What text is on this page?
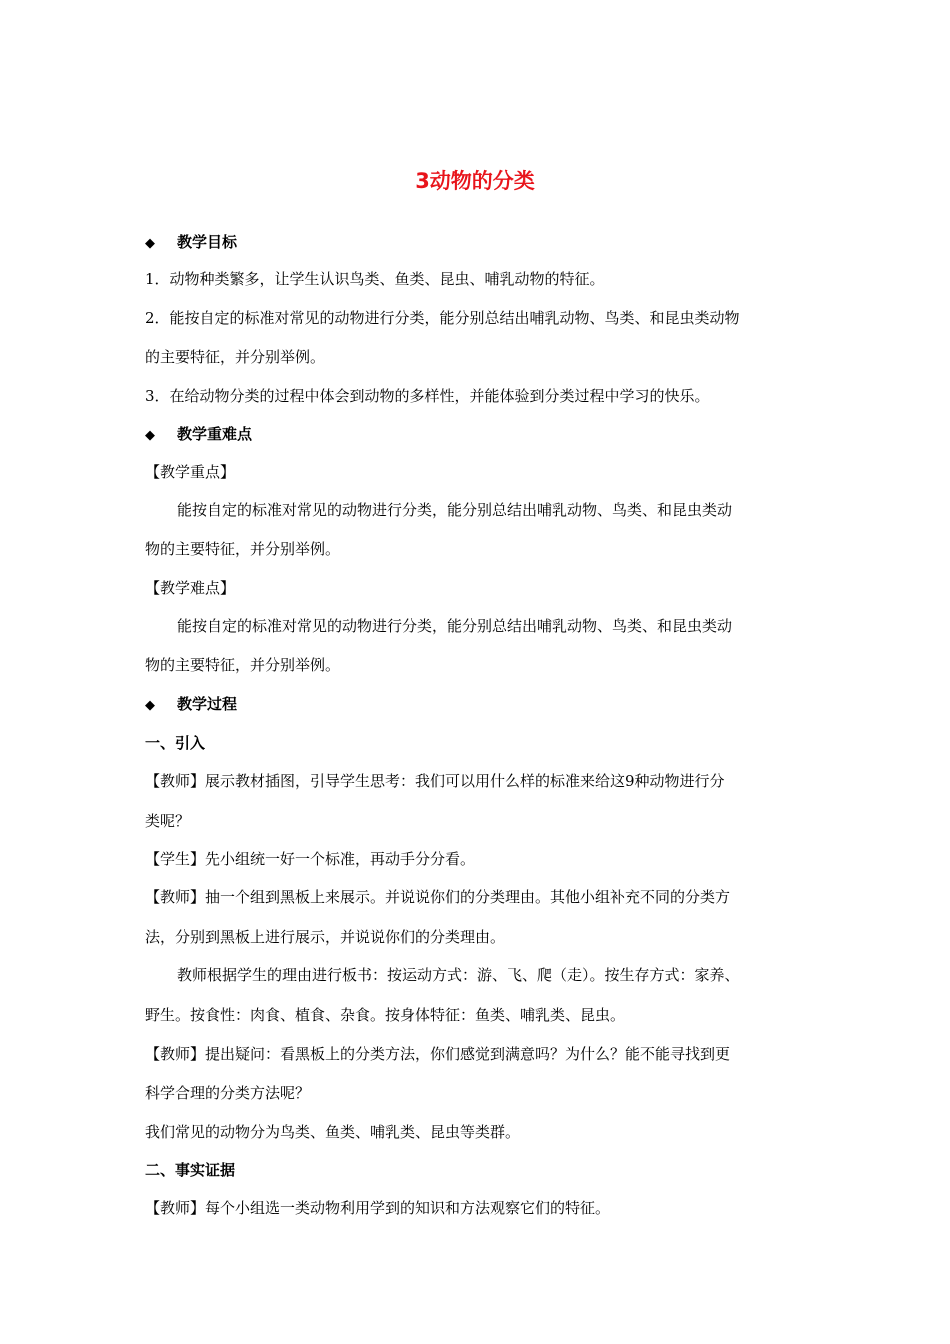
3动物的分类
◆ 教学目标
1．动物种类繁多，让学生认识鸟类、鱼类、昆虫、哺乳动物的特征。
2．能按自定的标准对常见的动物进行分类，能分别总结出哺乳动物、鸟类、和昆虫类动物
的主要特征，并分别举例。
3．在给动物分类的过程中体会到动物的多样性，并能体验到分类过程中学习的快乐。
◆ 教学重难点
【教学重点】
能按自定的标准对常见的动物进行分类，能分别总结出哺乳动物、鸟类、和昆虫类动
物的主要特征，并分别举例。
【教学难点】
能按自定的标准对常见的动物进行分类，能分别总结出哺乳动物、鸟类、和昆虫类动
物的主要特征，并分别举例。
◆ 教学过程
一、引入
【教师】展示教材插图，引导学生思考：我们可以用什么样的标准来给这9种动物进行分
类呢？
【学生】先小组统一好一个标准，再动手分分看。
【教师】抽一个组到黑板上来展示。并说说你们的分类理由。其他小组补充不同的分类方
法，分别到黑板上进行展示，并说说你们的分类理由。
教师根据学生的理由进行板书：按运动方式：游、飞、爬（走）。按生存方式：家养、
野生。按食性：肉食、植食、杂食。按身体特征：鱼类、哺乳类、昆虫。
【教师】提出疑问：看黑板上的分类方法，你们感觉到满意吗？为什么？能不能寻找到更
科学合理的分类方法呢？
我们常见的动物分为鸟类、鱼类、哺乳类、昆虫等类群。
二、事实证据
【教师】每个小组选一类动物利用学到的知识和方法观察它们的特征。
